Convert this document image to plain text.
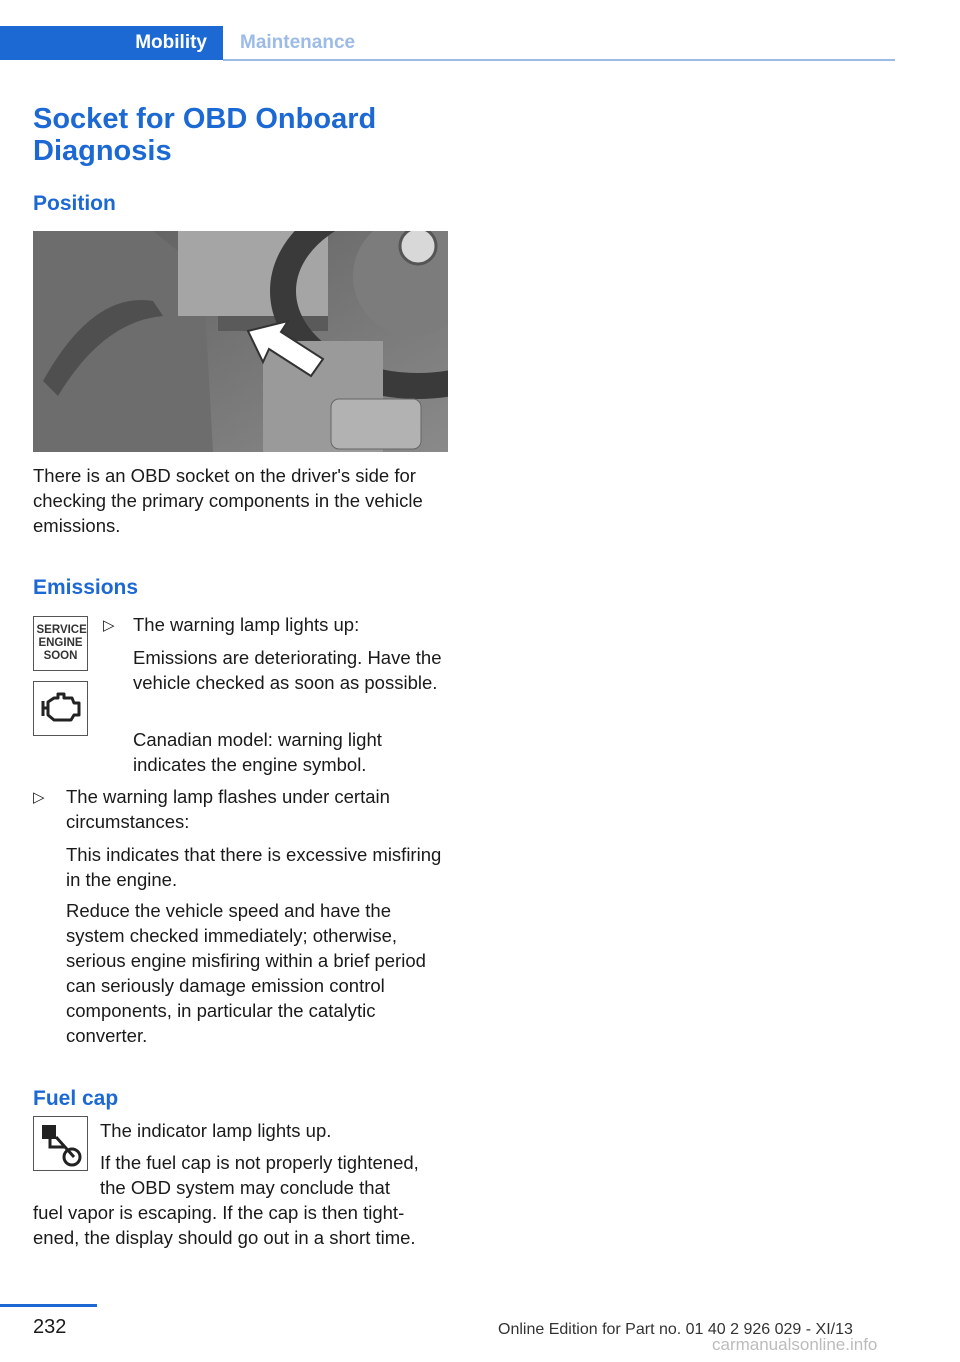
Mobility	Maintenance
Socket for OBD Onboard Diagnosis
Position
There is an OBD socket on the driver's side for checking the primary components in the vehicle emissions.
Emissions
SERVICE ENGINE SOON
▷ The warning lamp lights up:
Emissions are deteriorating. Have the vehicle checked as soon as possible.
Canadian model: warning light indicates the engine symbol.
▷ The warning lamp flashes under certain circumstances:
This indicates that there is excessive misfiring in the engine.
Reduce the vehicle speed and have the system checked immediately; otherwise, serious engine misfiring within a brief period can seriously damage emission control components, in particular the catalytic converter.
Fuel cap
The indicator lamp lights up.
If the fuel cap is not properly tightened,
the OBD system may conclude that
fuel vapor is escaping. If the cap is then tight-
ened, the display should go out in a short time.
232	Online Edition for Part no. 01 40 2 926 029 - XI/13
carmanualsonline.info
